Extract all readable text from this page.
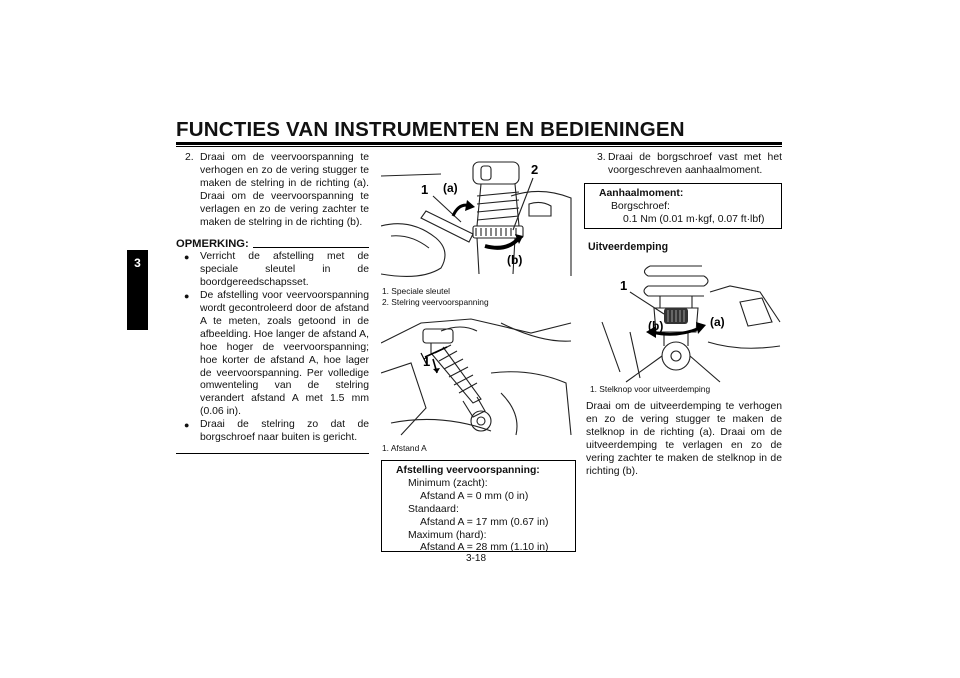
FUNCTIES VAN INSTRUMENTEN EN BEDIENINGEN
3
2. Draai om de veervoorspanning te verhogen en zo de vering stugger te maken de stelring in de richting (a). Draai om de veervoorspanning te verlagen en zo de vering zachter te maken de stelring in de richting (b).
OPMERKING:
●	Verricht de afstelling met de speciale sleutel in de boordgereedschapsset.
●	De afstelling voor veervoorspanning wordt gecontroleerd door de afstand A te meten, zoals getoond in de afbeelding. Hoe langer de afstand A, hoe hoger de veervoorspanning; hoe korter de afstand A, hoe lager de veervoorspanning. Per volledige omwenteling van de stelring verandert afstand A met 1.5 mm (0.06 in).
●	Draai de stelring zo dat de borgschroef naar buiten is gericht.
1
2
(a)
(b)
1. Speciale sleutel
2. Stelring veervoorspanning
1
1. Afstand A
Afstelling veervoorspanning:
Minimum (zacht):
Afstand A = 0 mm (0 in)
Standaard:
Afstand A = 17 mm (0.67 in)
Maximum (hard):
Afstand A = 28 mm (1.10 in)
3. Draai de borgschroef vast met het voorgeschreven aanhaalmoment.
Aanhaalmoment:
Borgschroef:
0.1 Nm (0.01 m·kgf, 0.07 ft·lbf)
Uitveerdemping
1
(a)
(b)
1. Stelknop voor uitveerdemping
Draai om de uitveerdemping te verhogen en zo de vering stugger te maken de stelknop in de richting (a). Draai om de uitveerdemping te verlagen en zo de vering zachter te maken de stelknop in de richting (b).
3-18
